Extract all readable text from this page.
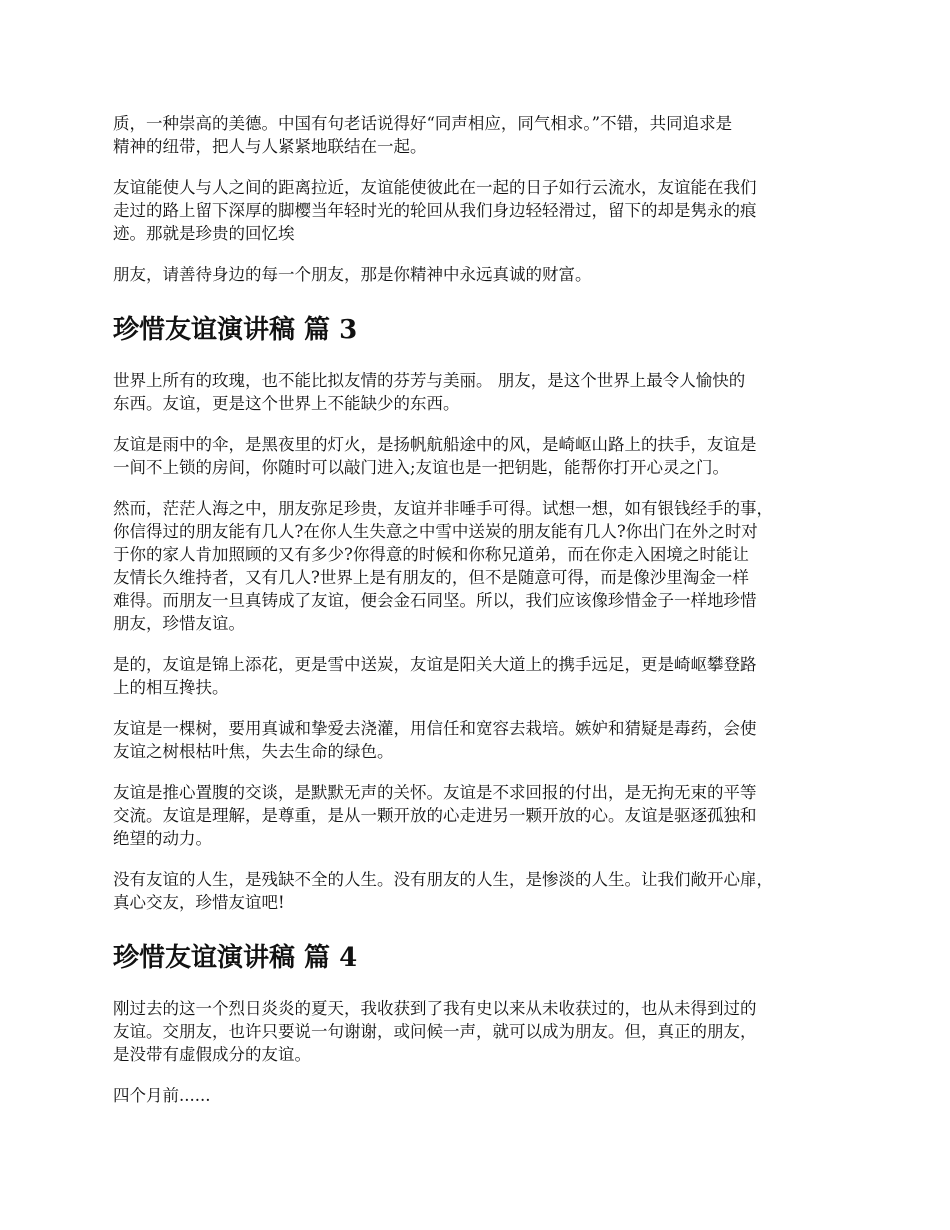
质，一种崇高的美德。中国有句老话说得好“同声相应，同气相求。”不错，共同追求是
精神的纽带，把人与人紧紧地联结在一起。

友谊能使人与人之间的距离拉近，友谊能使彼此在一起的日子如行云流水，友谊能在我们
走过的路上留下深厚的脚樱当年轻时光的轮回从我们身边轻轻滑过，留下的却是隽永的痕
迹。那就是珍贵的回忆埃

朋友，请善待身边的每一个朋友，那是你精神中永远真诚的财富。

珍惜友谊演讲稿 篇 3

世界上所有的玫瑰，也不能比拟友情的芬芳与美丽。 朋友，是这个世界上最令人愉快的
东西。友谊，更是这个世界上不能缺少的东西。

友谊是雨中的伞，是黑夜里的灯火，是扬帆航船途中的风，是崎岖山路上的扶手，友谊是
一间不上锁的房间，你随时可以敲门进入;友谊也是一把钥匙，能帮你打开心灵之门。

然而，茫茫人海之中，朋友弥足珍贵，友谊并非唾手可得。试想一想，如有银钱经手的事，
你信得过的朋友能有几人?在你人生失意之中雪中送炭的朋友能有几人?你出门在外之时对
于你的家人肯加照顾的又有多少?你得意的时候和你称兄道弟，而在你走入困境之时能让
友情长久维持者，又有几人?世界上是有朋友的，但不是随意可得，而是像沙里淘金一样
难得。而朋友一旦真铸成了友谊，便会金石同坚。所以，我们应该像珍惜金子一样地珍惜
朋友，珍惜友谊。

是的，友谊是锦上添花，更是雪中送炭，友谊是阳关大道上的携手远足，更是崎岖攀登路
上的相互搀扶。

友谊是一棵树，要用真诚和挚爱去浇灌，用信任和宽容去栽培。嫉妒和猜疑是毒药，会使
友谊之树根枯叶焦，失去生命的绿色。

友谊是推心置腹的交谈，是默默无声的关怀。友谊是不求回报的付出，是无拘无束的平等
交流。友谊是理解，是尊重，是从一颗开放的心走进另一颗开放的心。友谊是驱逐孤独和
绝望的动力。

没有友谊的人生，是残缺不全的人生。没有朋友的人生，是惨淡的人生。让我们敞开心扉，
真心交友，珍惜友谊吧!

珍惜友谊演讲稿 篇 4

刚过去的这一个烈日炎炎的夏天，我收获到了我有史以来从未收获过的，也从未得到过的
友谊。交朋友，也许只要说一句谢谢，或问候一声，就可以成为朋友。但，真正的朋友，
是没带有虚假成分的友谊。

四个月前......
